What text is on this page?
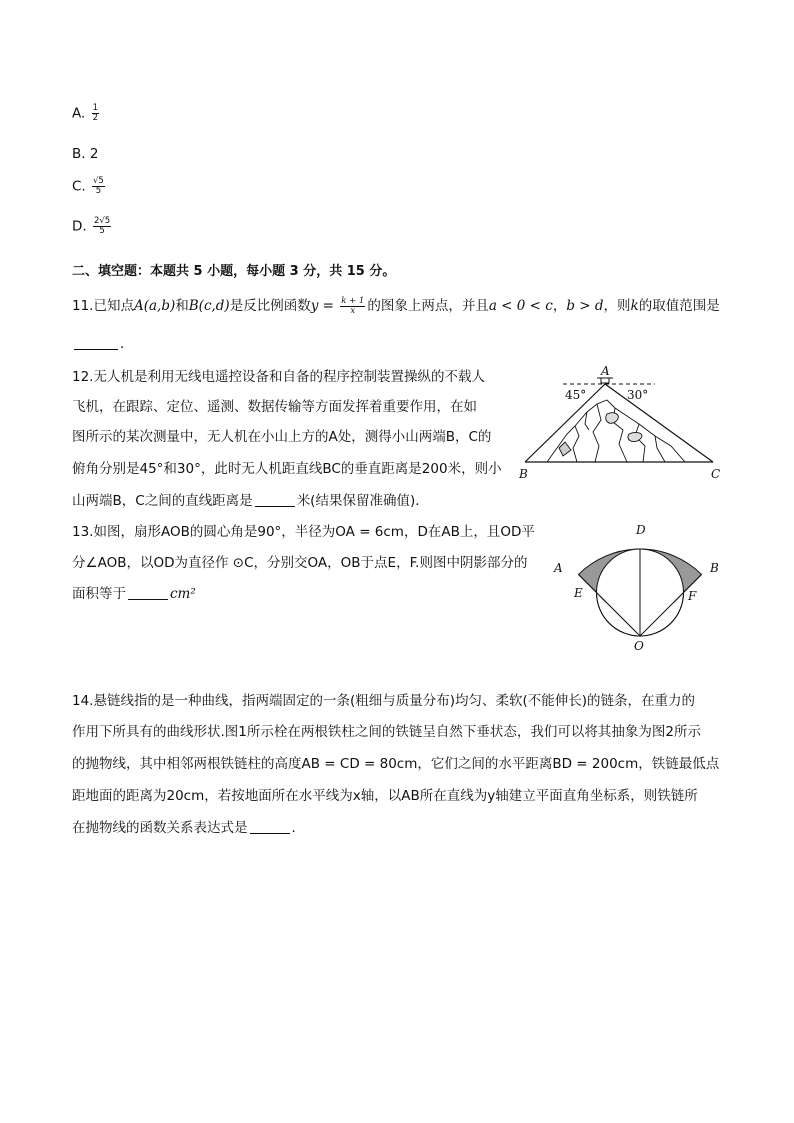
A. $\frac{1}{2}$
B. 2
C. $\frac{√5}{5}$
D. $\frac{2√5}{5}$
二、填空题：本题共 5 小题，每小题 3 分，共 15 分。
11.已知点A(a,b)和B(c,d)是反比例函数$y = \frac{k + 1}{x}$ 的图象上两点，并且a < 0 < c，b > d，则k的取值范围是
．
12.无人机是利用无线电遥控设备和自备的程序控制装置操纵的不载人
飞机，在跟踪、定位、遥测、数据传输等方面发挥着重要作用，在如
图所示的某次测量中，无人机在小山上方的A处，测得小山两端B，C的
俯角分别是45°和30°，此时无人机距直线BC的垂直距离是200米，则小
山两端B，C之间的直线距离是	米(结果保留准确值)．
A
45°	30°
B	C
13.如图，扇形AOB的圆心角是90°，半径为OA = 6cm，D在AB上，且OD平
分∠AOB，以OD为直径作 ⊙C，分别交OA，OB于点E，F.则图中阴影部分的
面积等于	cm²
D
A	B
E	F
O
14.悬链线指的是一种曲线，指两端固定的一条(粗细与质量分布)均匀、柔软(不能伸长)的链条，在重力的
作用下所具有的曲线形状.图1所示栓在两根铁柱之间的铁链呈自然下垂状态，我们可以将其抽象为图2所示
的抛物线，其中相邻两根铁链柱的高度AB = CD = 80cm，它们之间的水平距离BD = 200cm，铁链最低点
距地面的距离为20cm，若按地面所在水平线为x轴，以AB所在直线为y轴建立平面直角坐标系，则铁链所
在抛物线的函数关系表达式是	．
